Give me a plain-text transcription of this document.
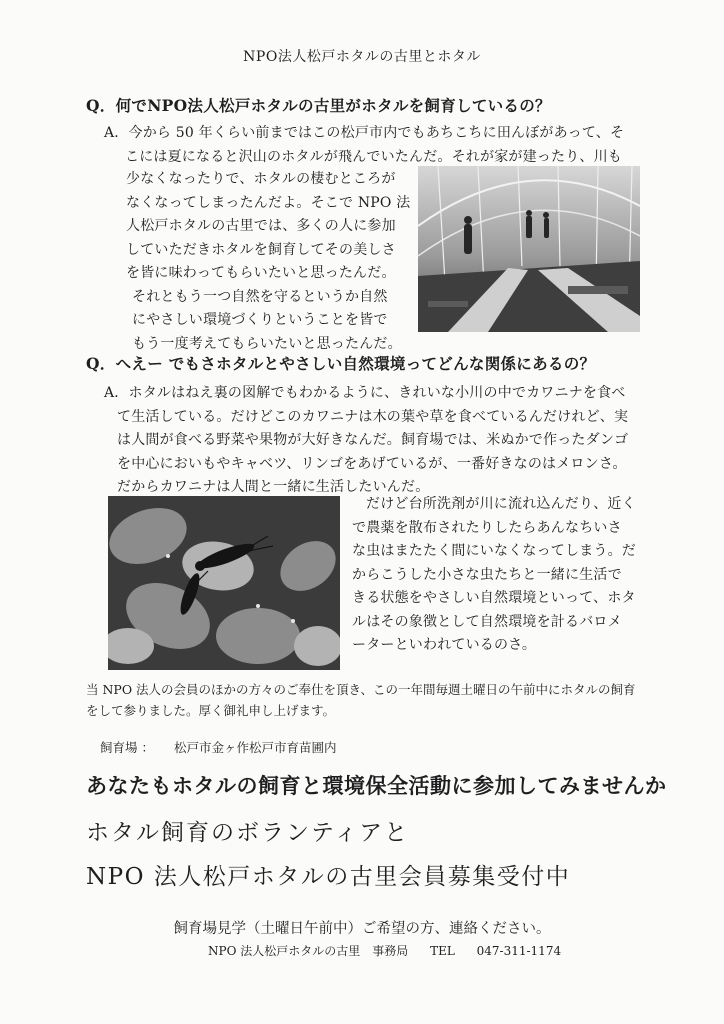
NPO法人松戸ホタルの古里とホタル
Q．何でNPO法人松戸ホタルの古里がホタルを飼育しているの？
A．今から 50 年くらい前まではこの松戸市内でもあちこちに田んぼがあって、そ
こには夏になると沢山のホタルが飛んでいたんだ。それが家が建ったり、川も
少なくなったりで、ホタルの棲むところが
なくなってしまったんだよ。そこで NPO 法
人松戸ホタルの古里では、多くの人に参加
していただきホタルを飼育してその美しさ
を皆に味わってもらいたいと思ったんだ。
それともう一つ自然を守るというか自然
にやさしい環境づくりということを皆で
もう一度考えてもらいたいと思ったんだ。
Q．へえー でもさホタルとやさしい自然環境ってどんな関係にあるの？
A．ホタルはねえ裏の図解でもわかるように、きれいな小川の中でカワニナを食べ
て生活している。だけどこのカワニナは木の葉や草を食べているんだけれど、実
は人間が食べる野菜や果物が大好きなんだ。飼育場では、米ぬかで作ったダンゴ
を中心においもやキャベツ、リンゴをあげているが、一番好きなのはメロンさ。
だからカワニナは人間と一緒に生活したいんだ。
だけど台所洗剤が川に流れ込んだり、近く
で農薬を散布されたりしたらあんなちいさ
な虫はまたたく間にいなくなってしまう。だ
からこうした小さな虫たちと一緒に生活で
きる状態をやさしい自然環境といって、ホタ
ルはその象徴として自然環境を計るバロメ
ーターといわれているのさ。
当 NPO 法人の会員のほかの方々のご奉仕を頂き、この一年間毎週土曜日の午前中にホタルの飼育
をして参りました。厚く御礼申し上げます。
飼育場 ： 松戸市金ヶ作松戸市育苗圃内
あなたもホタルの飼育と環境保全活動に参加してみませんか
ホタル飼育のボランティアと
NPO 法人松戸ホタルの古里会員募集受付中
飼育場見学（土曜日午前中）ご希望の方、連絡ください。
NPO 法人松戸ホタルの古里　事務局 TEL 047-311-1174
